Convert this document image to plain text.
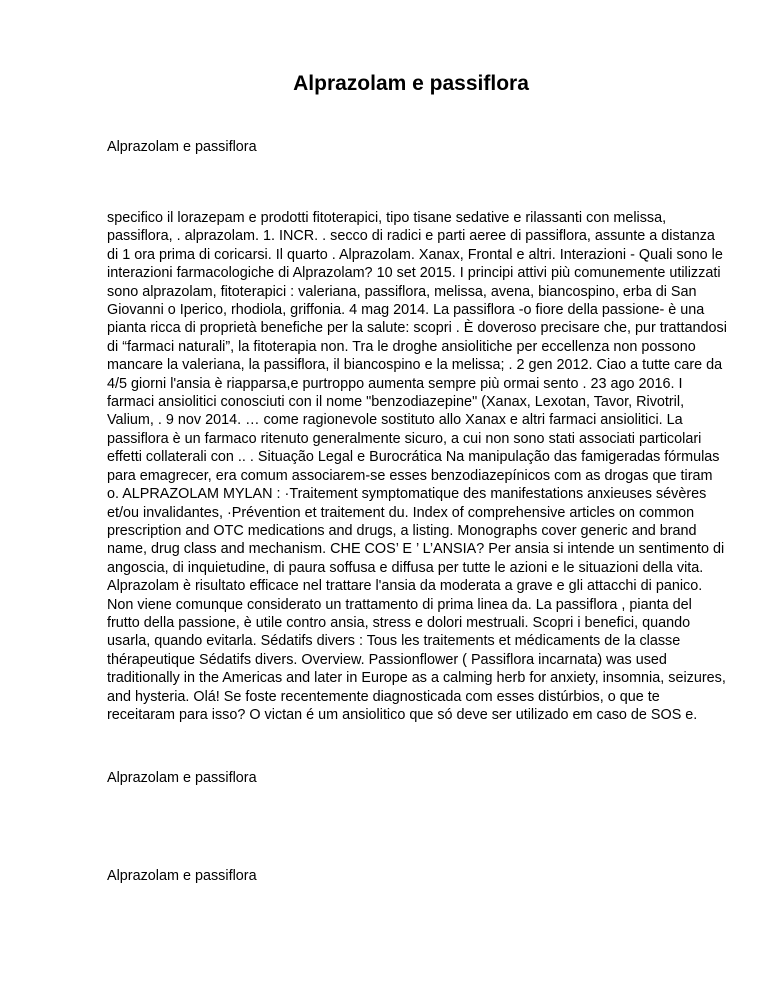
Alprazolam e passiflora
Alprazolam e passiflora
specifico il lorazepam e prodotti fitoterapici, tipo tisane sedative e rilassanti con melissa, passiflora, . alprazolam. 1. INCR. . secco di radici e parti aeree di passiflora, assunte a distanza di 1 ora prima di coricarsi. Il quarto . Alprazolam. Xanax, Frontal e altri. Interazioni - Quali sono le interazioni farmacologiche di Alprazolam? 10 set 2015. I principi attivi più comunemente utilizzati sono alprazolam, fitoterapici : valeriana, passiflora, melissa, avena, biancospino, erba di San Giovanni o Iperico, rhodiola, griffonia. 4 mag 2014. La passiflora -o fiore della passione- è una pianta ricca di proprietà benefiche per la salute: scopri . È doveroso precisare che, pur trattandosi di “farmaci naturali”, la fitoterapia non. Tra le droghe ansiolitiche per eccellenza non possono mancare la valeriana, la passiflora, il biancospino e la melissa; . 2 gen 2012. Ciao a tutte care da 4/5 giorni l'ansia è riapparsa,e purtroppo aumenta sempre più ormai sento . 23 ago 2016. I farmaci ansiolitici conosciuti con il nome "benzodiazepine" (Xanax, Lexotan, Tavor, Rivotril, Valium, . 9 nov 2014. … come ragionevole sostituto allo Xanax e altri farmaci ansiolitici. La passiflora è un farmaco ritenuto generalmente sicuro, a cui non sono stati associati particolari effetti collaterali con .. . Situação Legal e Burocrática Na manipulação das famigeradas fórmulas para emagrecer, era comum associarem-se esses benzodiazepínicos com as drogas que tiram o. ALPRAZOLAM MYLAN : ·Traitement symptomatique des manifestations anxieuses sévères et/ou invalidantes, ·Prévention et traitement du. Index of comprehensive articles on common prescription and OTC medications and drugs, a listing. Monographs cover generic and brand name, drug class and mechanism. CHE COS’ E ’ L’ANSIA? Per ansia si intende un sentimento di angoscia, di inquietudine, di paura soffusa e diffusa per tutte le azioni e le situazioni della vita. Alprazolam è risultato efficace nel trattare l'ansia da moderata a grave e gli attacchi di panico. Non viene comunque considerato un trattamento di prima linea da. La passiflora , pianta del frutto della passione, è utile contro ansia, stress e dolori mestruali. Scopri i benefici, quando usarla, quando evitarla. Sédatifs divers : Tous les traitements et médicaments de la classe thérapeutique Sédatifs divers. Overview. Passionflower ( Passiflora incarnata) was used traditionally in the Americas and later in Europe as a calming herb for anxiety, insomnia, seizures, and hysteria. Olá! Se foste recentemente diagnosticada com esses distúrbios, o que te receitaram para isso? O victan é um ansiolitico que só deve ser utilizado em caso de SOS e.
Alprazolam e passiflora
Alprazolam e passiflora
